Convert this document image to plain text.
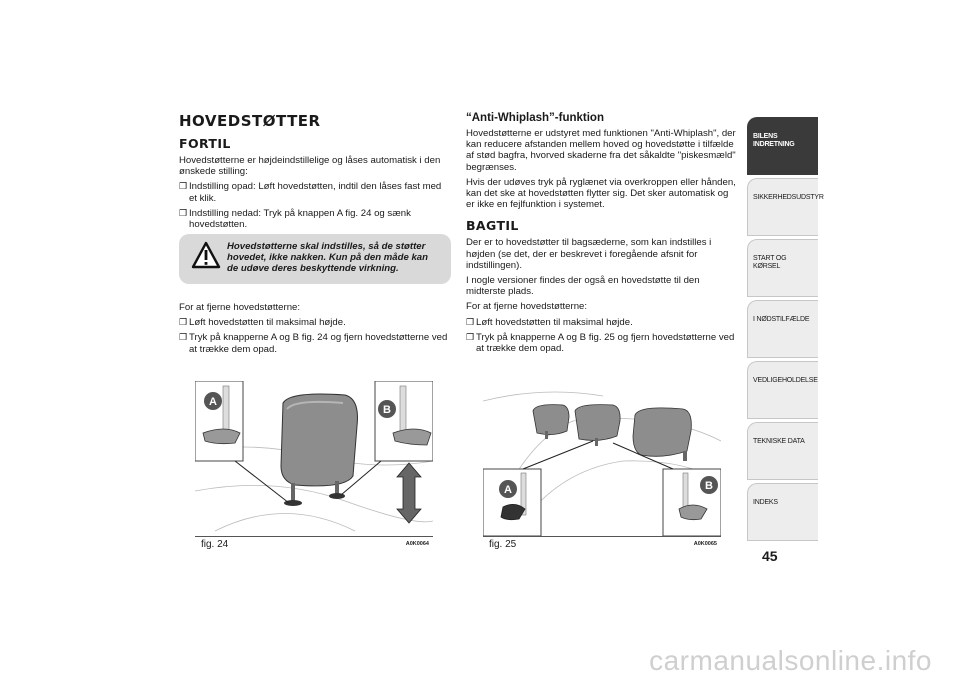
HOVEDSTØTTER
FORTIL
Hovedstøtterne er højdeindstillelige og låses automatisk i den ønskede stilling:
❒ Indstilling opad: Løft hovedstøtten, indtil den låses fast med et klik.
❒ Indstilling nedad: Tryk på knappen A fig. 24 og sænk hovedstøtten.
Hovedstøtterne skal indstilles, så de støtter hovedet, ikke nakken. Kun på den måde kan de udøve deres beskyttende virkning.
For at fjerne hovedstøtterne:
❒ Løft hovedstøtten til maksimal højde.
❒ Tryk på knapperne A og B fig. 24 og fjern hovedstøtterne ved at trække dem opad.
“Anti-Whiplash”-funktion
Hovedstøtterne er udstyret med funktionen "Anti-Whiplash", der kan reducere afstanden mellem hoved og hovedstøtte i tilfælde af stød bagfra, hvorved skaderne fra det såkaldte "piskesmæld" begrænses.
Hvis der udøves tryk på ryglænet via overkroppen eller hånden, kan det ske at hovedstøtten flytter sig. Det sker automatisk og er ikke en fejlfunktion i systemet.
BAGTIL
Der er to hovedstøtter til bagsæderne, som kan indstilles i højden (se det, der er beskrevet i foregående afsnit for indstillingen).
I nogle versioner findes der også en hovedstøtte til den midterste plads.
For at fjerne hovedstøtterne:
❒ Løft hovedstøtten til maksimal højde.
❒ Tryk på knapperne A og B fig. 25 og fjern hovedstøtterne ved at trække dem opad.
A
B
fig. 24	A0K0064
A	B
fig. 25	A0K0065
BILENS INDRETNING
SIKKERHEDSUDSTYR
START OG KØRSEL
I NØDSTILFÆLDE
VEDLIGEHOLDELSE
TEKNISKE DATA
INDEKS
45
carmanualsonline.info
